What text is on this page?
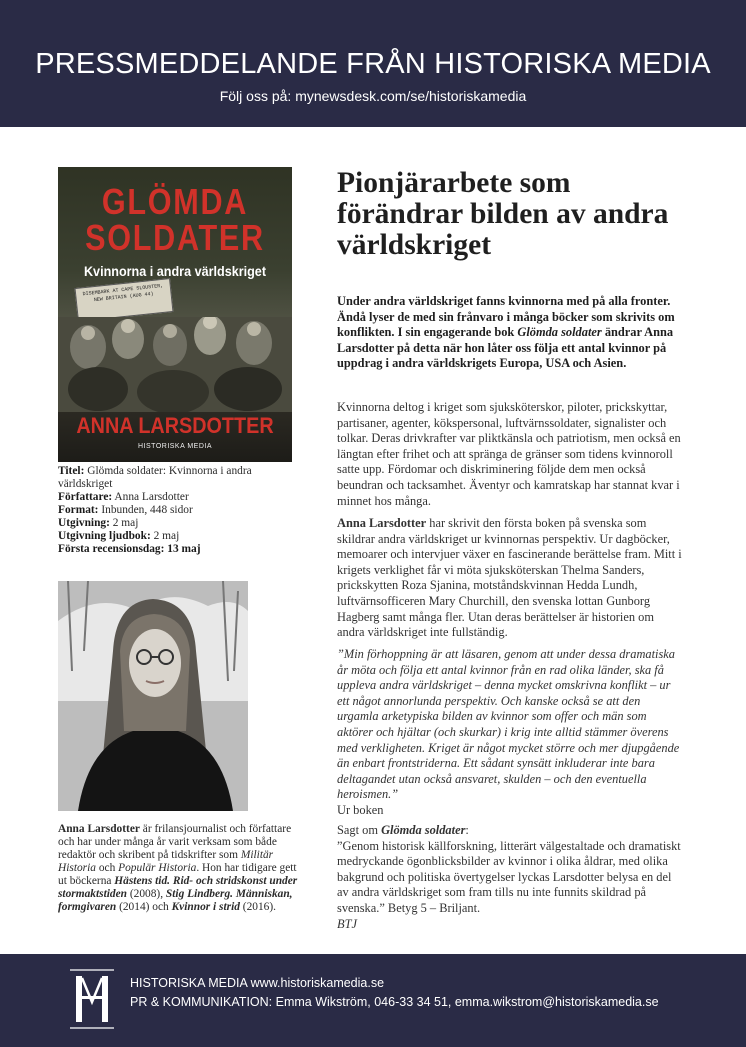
PRESSMEDDELANDE FRÅN HISTORISKA MEDIA
Följ oss på: mynewsdesk.com/se/historiskamedia
GLÖMDA
SOLDATER
Kvinnorna i andra världskriget
DISEMBARK AT CAPE SLOUSTER, NEW BRITAIN (AUG 44)
ANNA LARSDOTTER
HISTORISKA MEDIA
Titel: Glömda soldater: Kvinnorna i andra världskriget
Författare: Anna Larsdotter
Format: Inbunden, 448 sidor
Utgivning: 2 maj
Utgivning ljudbok: 2 maj
Första recensionsdag: 13 maj
Anna Larsdotter är frilansjournalist och författare och har under många år varit verksam som både redaktör och skribent på tidskrifter som Militär Historia och Populär Historia. Hon har tidigare gett ut böckerna Hästens tid. Rid- och stridskonst under stormaktstiden (2008), Stig Lindberg. Människan, formgivaren (2014) och Kvinnor i strid (2016).
Pionjärarbete som förändrar bilden av andra världskriget
Under andra världskriget fanns kvinnorna med på alla fronter. Ändå lyser de med sin frånvaro i många böcker som skrivits om konflikten. I sin engagerande bok Glömda soldater ändrar Anna Larsdotter på detta när hon låter oss följa ett antal kvinnor på uppdrag i andra världskrigets Europa, USA och Asien.
Kvinnorna deltog i kriget som sjuksköterskor, piloter, prickskyttar, partisaner, agenter, kökspersonal, luftvärnssoldater, signalister och tolkar. Deras drivkrafter var pliktkänsla och patriotism, men också en längtan efter frihet och att spränga de gränser som tidens kvinnoroll satte upp. Fördomar och diskriminering följde dem men också beundran och tacksamhet. Äventyr och kamratskap har stannat kvar i minnet hos många.
Anna Larsdotter har skrivit den första boken på svenska som skildrar andra världskriget ur kvinnornas perspektiv. Ur dagböcker, memoarer och intervjuer växer en fascinerande berättelse fram. Mitt i krigets verklighet får vi möta sjuksköterskan Thelma Sanders, prickskytten Roza Sjanina, motståndskvinnan Hedda Lundh, luftvärnsofficeren Mary Churchill, den svenska lottan Gunborg Hagberg samt många fler. Utan deras berättelser är historien om andra världskriget inte fullständig.
”Min förhoppning är att läsaren, genom att under dessa dramatiska år möta och följa ett antal kvinnor från en rad olika länder, ska få uppleva andra världskriget – denna mycket omskrivna konflikt – ur ett något annorlunda perspektiv. Och kanske också se att den urgamla arketypiska bilden av kvinnor som offer och män som aktörer och hjältar (och skurkar) i krig inte alltid stämmer överens med verkligheten. Kriget är något mycket större och mer djupgående än enbart frontstriderna. Ett sådant synsätt inkluderar inte bara deltagandet utan också ansvaret, skulden – och den eventuella heroismen.”
Ur boken
Sagt om Glömda soldater:
”Genom historisk källforskning, litterärt välgestaltade och dramatiskt medryckande ögonblicksbilder av kvinnor i olika åldrar, med olika bakgrund och politiska övertygelser lyckas Larsdotter belysa en del av andra världskriget som fram tills nu inte funnits skildrad på svenska.” Betyg 5 – Briljant.
BTJ
HISTORISKA MEDIA www.historiskamedia.se
PR & KOMMUNIKATION: Emma Wikström, 046-33 34 51, emma.wikstrom@historiskamedia.se
